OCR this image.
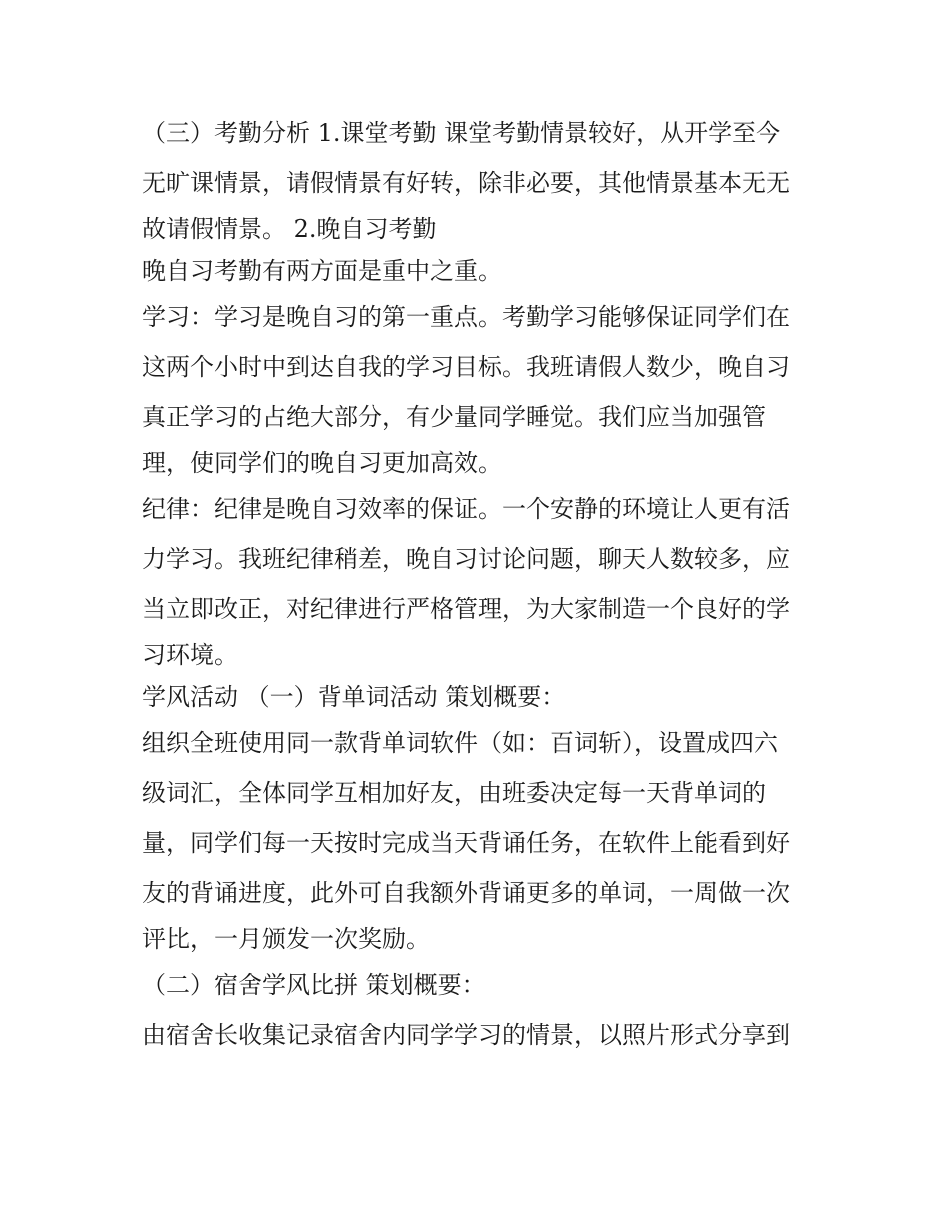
（三）考勤分析 1.课堂考勤 课堂考勤情景较好，从开学至今
无旷课情景，请假情景有好转，除非必要，其他情景基本无无
故请假情景。 2.晚自习考勤
晚自习考勤有两方面是重中之重。
学习：学习是晚自习的第一重点。考勤学习能够保证同学们在
这两个小时中到达自我的学习目标。我班请假人数少，晚自习
真正学习的占绝大部分，有少量同学睡觉。我们应当加强管
理，使同学们的晚自习更加高效。
纪律：纪律是晚自习效率的保证。一个安静的环境让人更有活
力学习。我班纪律稍差，晚自习讨论问题，聊天人数较多，应
当立即改正，对纪律进行严格管理，为大家制造一个良好的学
习环境。
学风活动 （一）背单词活动 策划概要：
组织全班使用同一款背单词软件（如：百词斩），设置成四六
级词汇，全体同学互相加好友，由班委决定每一天背单词的
量，同学们每一天按时完成当天背诵任务，在软件上能看到好
友的背诵进度，此外可自我额外背诵更多的单词，一周做一次
评比，一月颁发一次奖励。
（二）宿舍学风比拼 策划概要：
由宿舍长收集记录宿舍内同学学习的情景，以照片形式分享到
